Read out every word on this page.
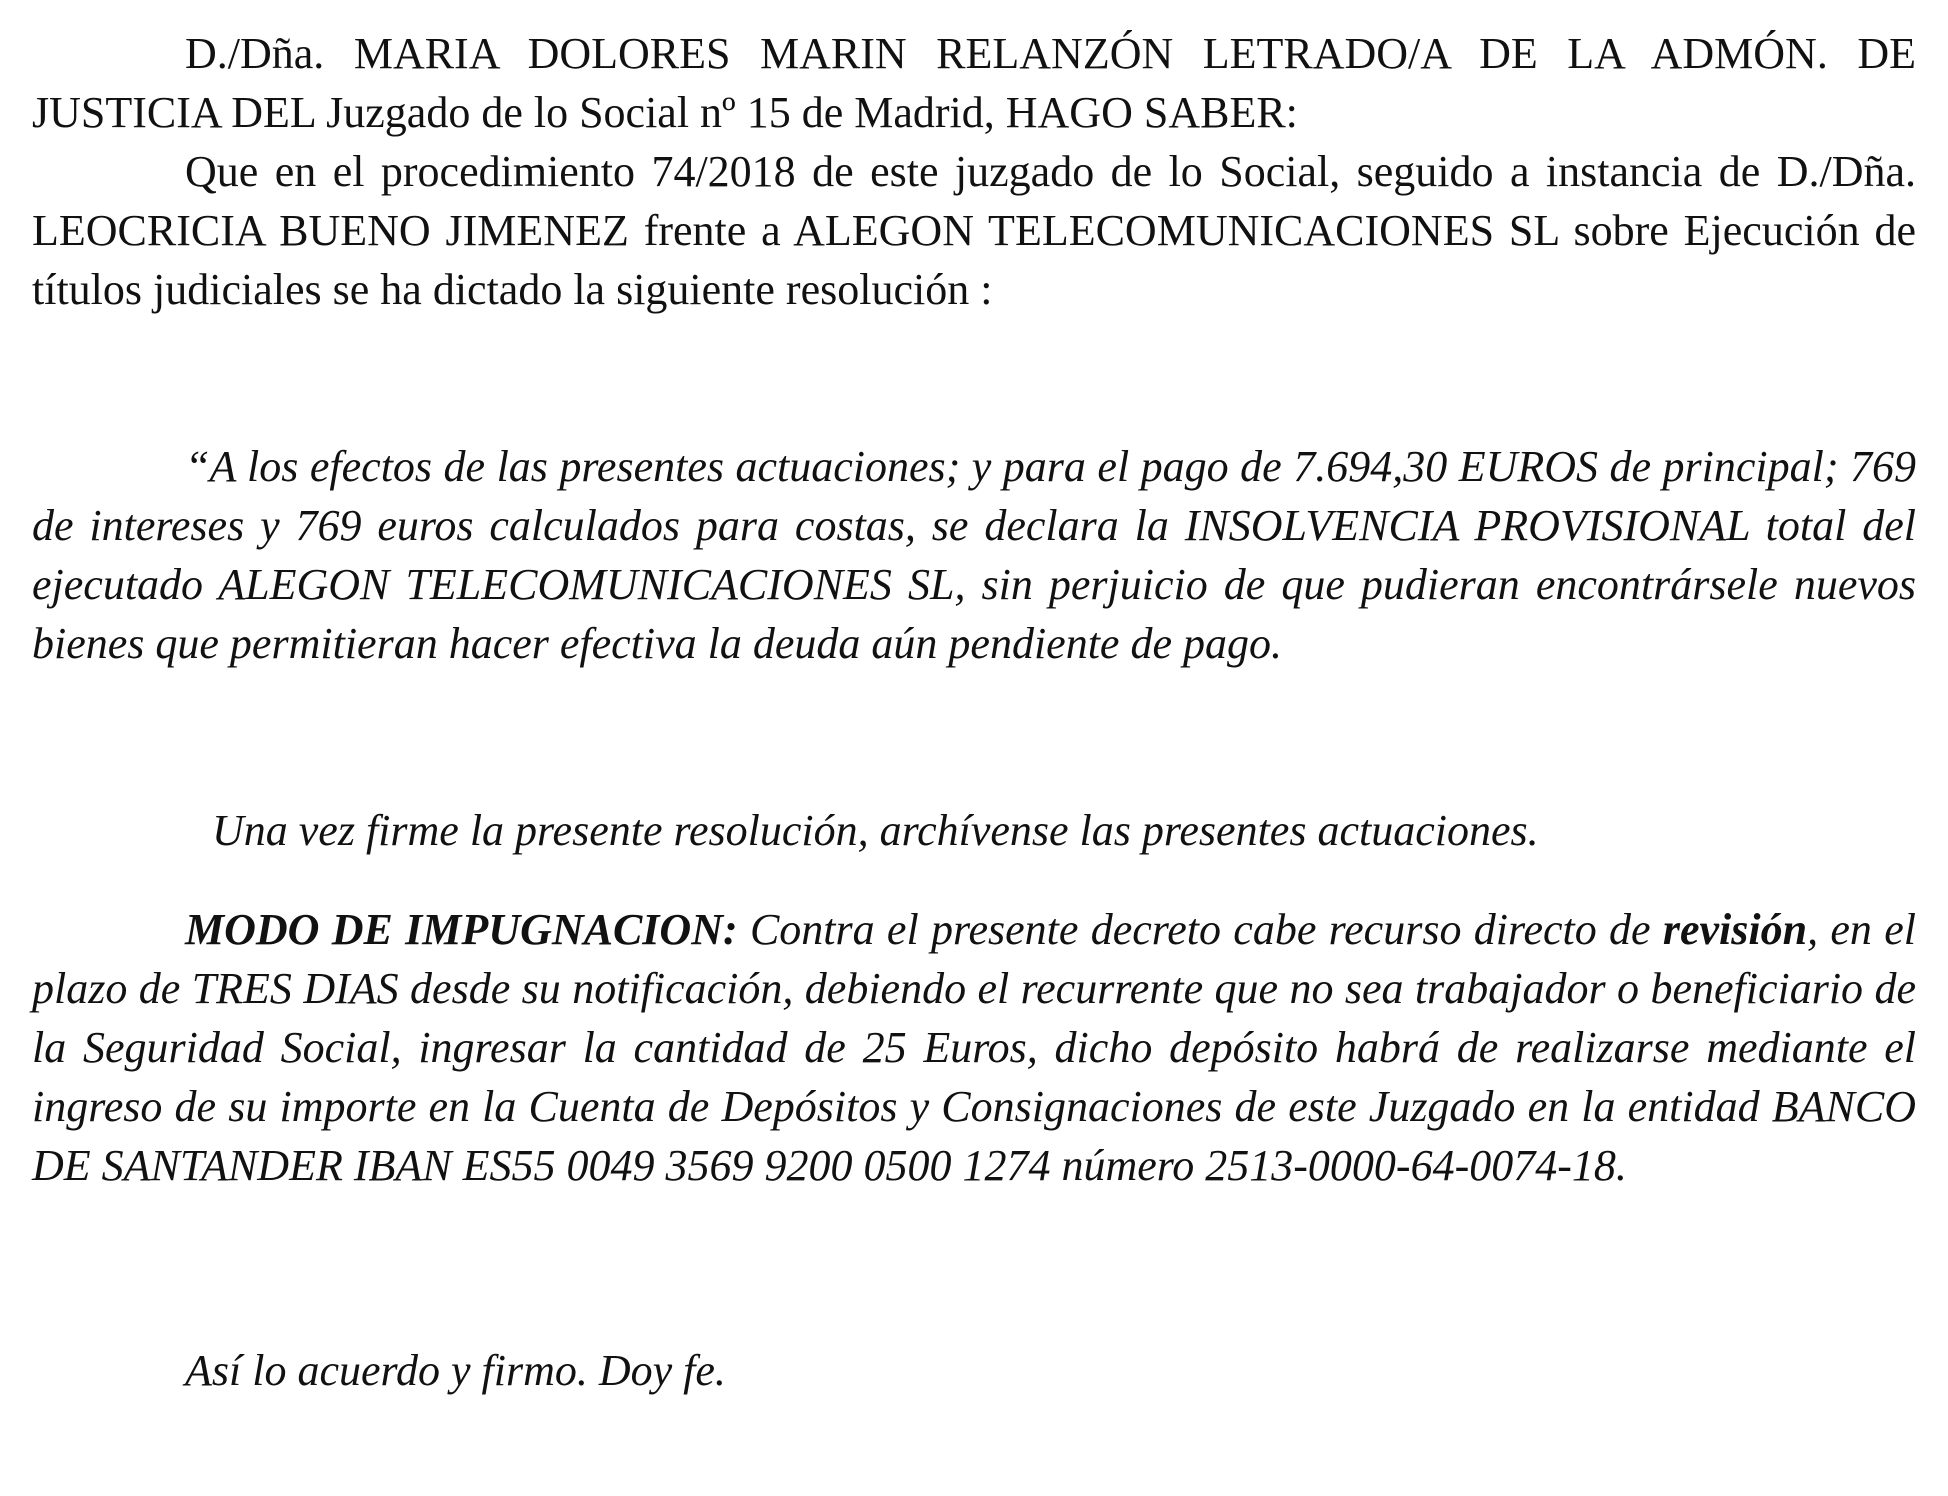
D./Dña. MARIA DOLORES MARIN RELANZÓN LETRADO/A DE LA ADMÓN. DE JUSTICIA DEL Juzgado de lo Social nº 15 de Madrid, HAGO SABER:

Que en el procedimiento 74/2018 de este juzgado de lo Social, seguido a instancia de D./Dña. LEOCRICIA BUENO JIMENEZ frente a ALEGON TELECOMUNICACIONES SL sobre Ejecución de títulos judiciales se ha dictado la siguiente resolución :

“A los efectos de las presentes actuaciones; y para el pago de 7.694,30 EUROS de principal; 769 de intereses y 769 euros calculados para costas, se declara la INSOLVENCIA PROVISIONAL total del ejecutado ALEGON TELECOMUNICACIONES SL, sin perjuicio de que pudieran encontrársele nuevos bienes que permitieran hacer efectiva la deuda aún pendiente de pago.

Una vez firme la presente resolución, archívense las presentes actuaciones.

MODO DE IMPUGNACION: Contra el presente decreto cabe recurso directo de revisión, en el plazo de TRES DIAS desde su notificación, debiendo el recurrente que no sea trabajador o beneficiario de la Seguridad Social, ingresar la cantidad de 25 Euros, dicho depósito habrá de realizarse mediante el ingreso de su importe en la Cuenta de Depósitos y Consignaciones de este Juzgado en la entidad BANCO DE SANTANDER IBAN ES55 0049 3569 9200 0500 1274 número 2513-0000-64-0074-18.

Así lo acuerdo y firmo. Doy fe.
